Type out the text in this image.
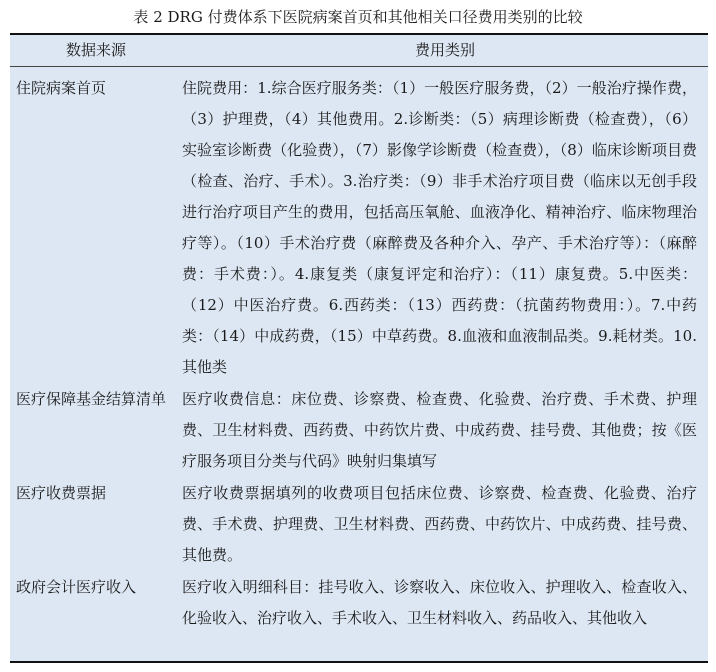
表 2 DRG 付费体系下医院病案首页和其他相关口径费用类别的比较
数据来源	费用类别
住院病案首页	住院费用：1.综合医疗服务类：（1）一般医疗服务费，（2）一般治疗操作费，（3）护理费，（4）其他费用。2.诊断类：（5）病理诊断费（检查费），（6）实验室诊断费（化验费），（7）影像学诊断费（检查费），（8）临床诊断项目费（检查、治疗、手术）。3.治疗类：（9）非手术治疗项目费（临床以无创手段进行治疗项目产生的费用，包括高压氧舱、血液净化、精神治疗、临床物理治疗等）。（10）手术治疗费（麻醉费及各种介入、孕产、手术治疗等）：（麻醉费：手术费：）。4.康复类（康复评定和治疗）：（11）康复费。5.中医类：（12）中医治疗费。6.西药类：（13）西药费：（抗菌药物费用：）。7.中药类：（14）中成药费，（15）中草药费。8.血液和血液制品类。9.耗材类。10.其他类
医疗保障基金结算清单	医疗收费信息：床位费、诊察费、检查费、化验费、治疗费、手术费、护理费、卫生材料费、西药费、中药饮片费、中成药费、挂号费、其他费；按《医疗服务项目分类与代码》映射归集填写
医疗收费票据	医疗收费票据填列的收费项目包括床位费、诊察费、检查费、化验费、治疗费、手术费、护理费、卫生材料费、西药费、中药饮片、中成药费、挂号费、其他费。
政府会计医疗收入	医疗收入明细科目：挂号收入、诊察收入、床位收入、护理收入、检查收入、化验收入、治疗收入、手术收入、卫生材料收入、药品收入、其他收入
